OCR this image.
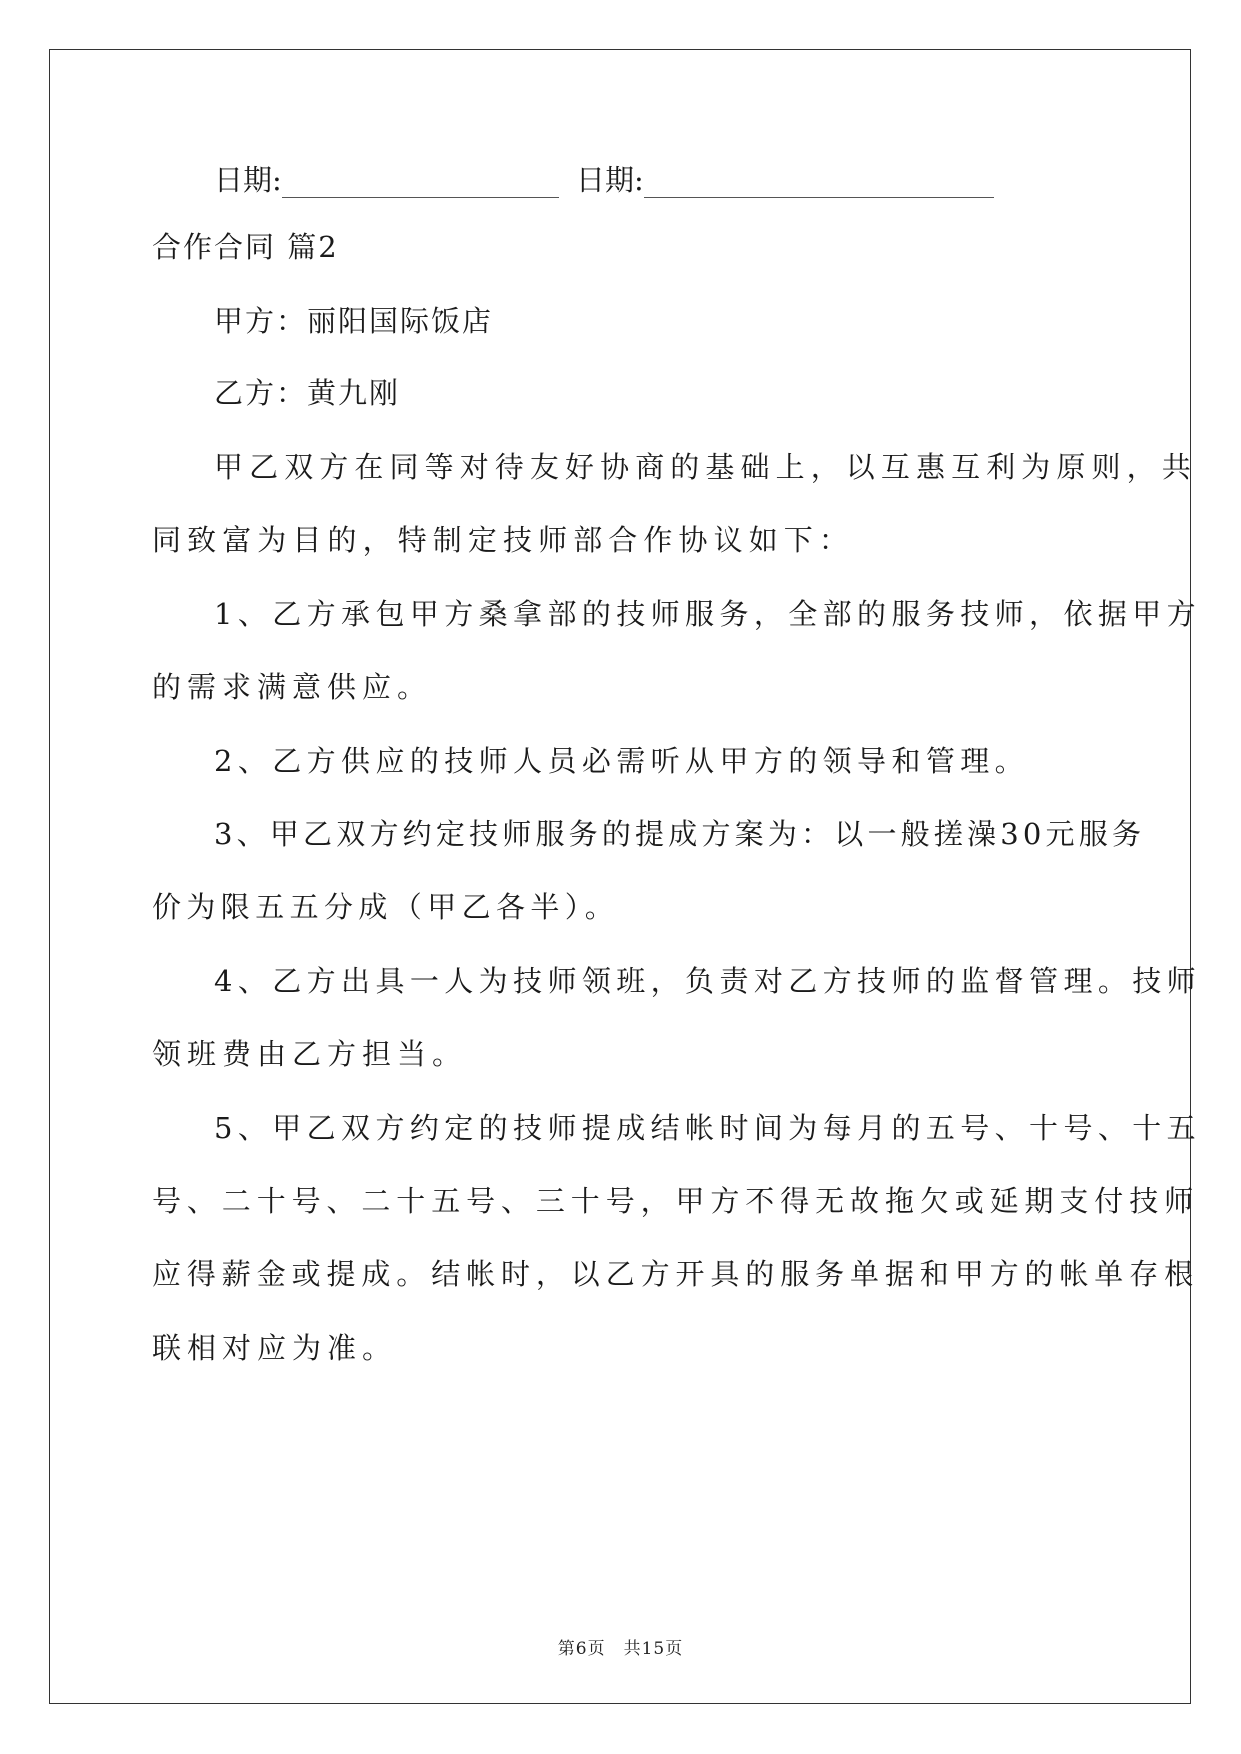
日期:	日期:
合作合同 篇2
甲方：丽阳国际饭店
乙方：黄九刚
甲乙双方在同等对待友好协商的基础上，以互惠互利为原则，共
同致富为目的，特制定技师部合作协议如下：
1、乙方承包甲方桑拿部的技师服务，全部的服务技师，依据甲方
的需求满意供应。
2、乙方供应的技师人员必需听从甲方的领导和管理。
3、甲乙双方约定技师服务的提成方案为：以一般搓澡30元服务
价为限五五分成（甲乙各半）。
4、乙方出具一人为技师领班，负责对乙方技师的监督管理。技师
领班费由乙方担当。
5、甲乙双方约定的技师提成结帐时间为每月的五号、十号、十五
号、二十号、二十五号、三十号，甲方不得无故拖欠或延期支付技师
应得薪金或提成。结帐时，以乙方开具的服务单据和甲方的帐单存根
联相对应为准。
第6页　共15页
